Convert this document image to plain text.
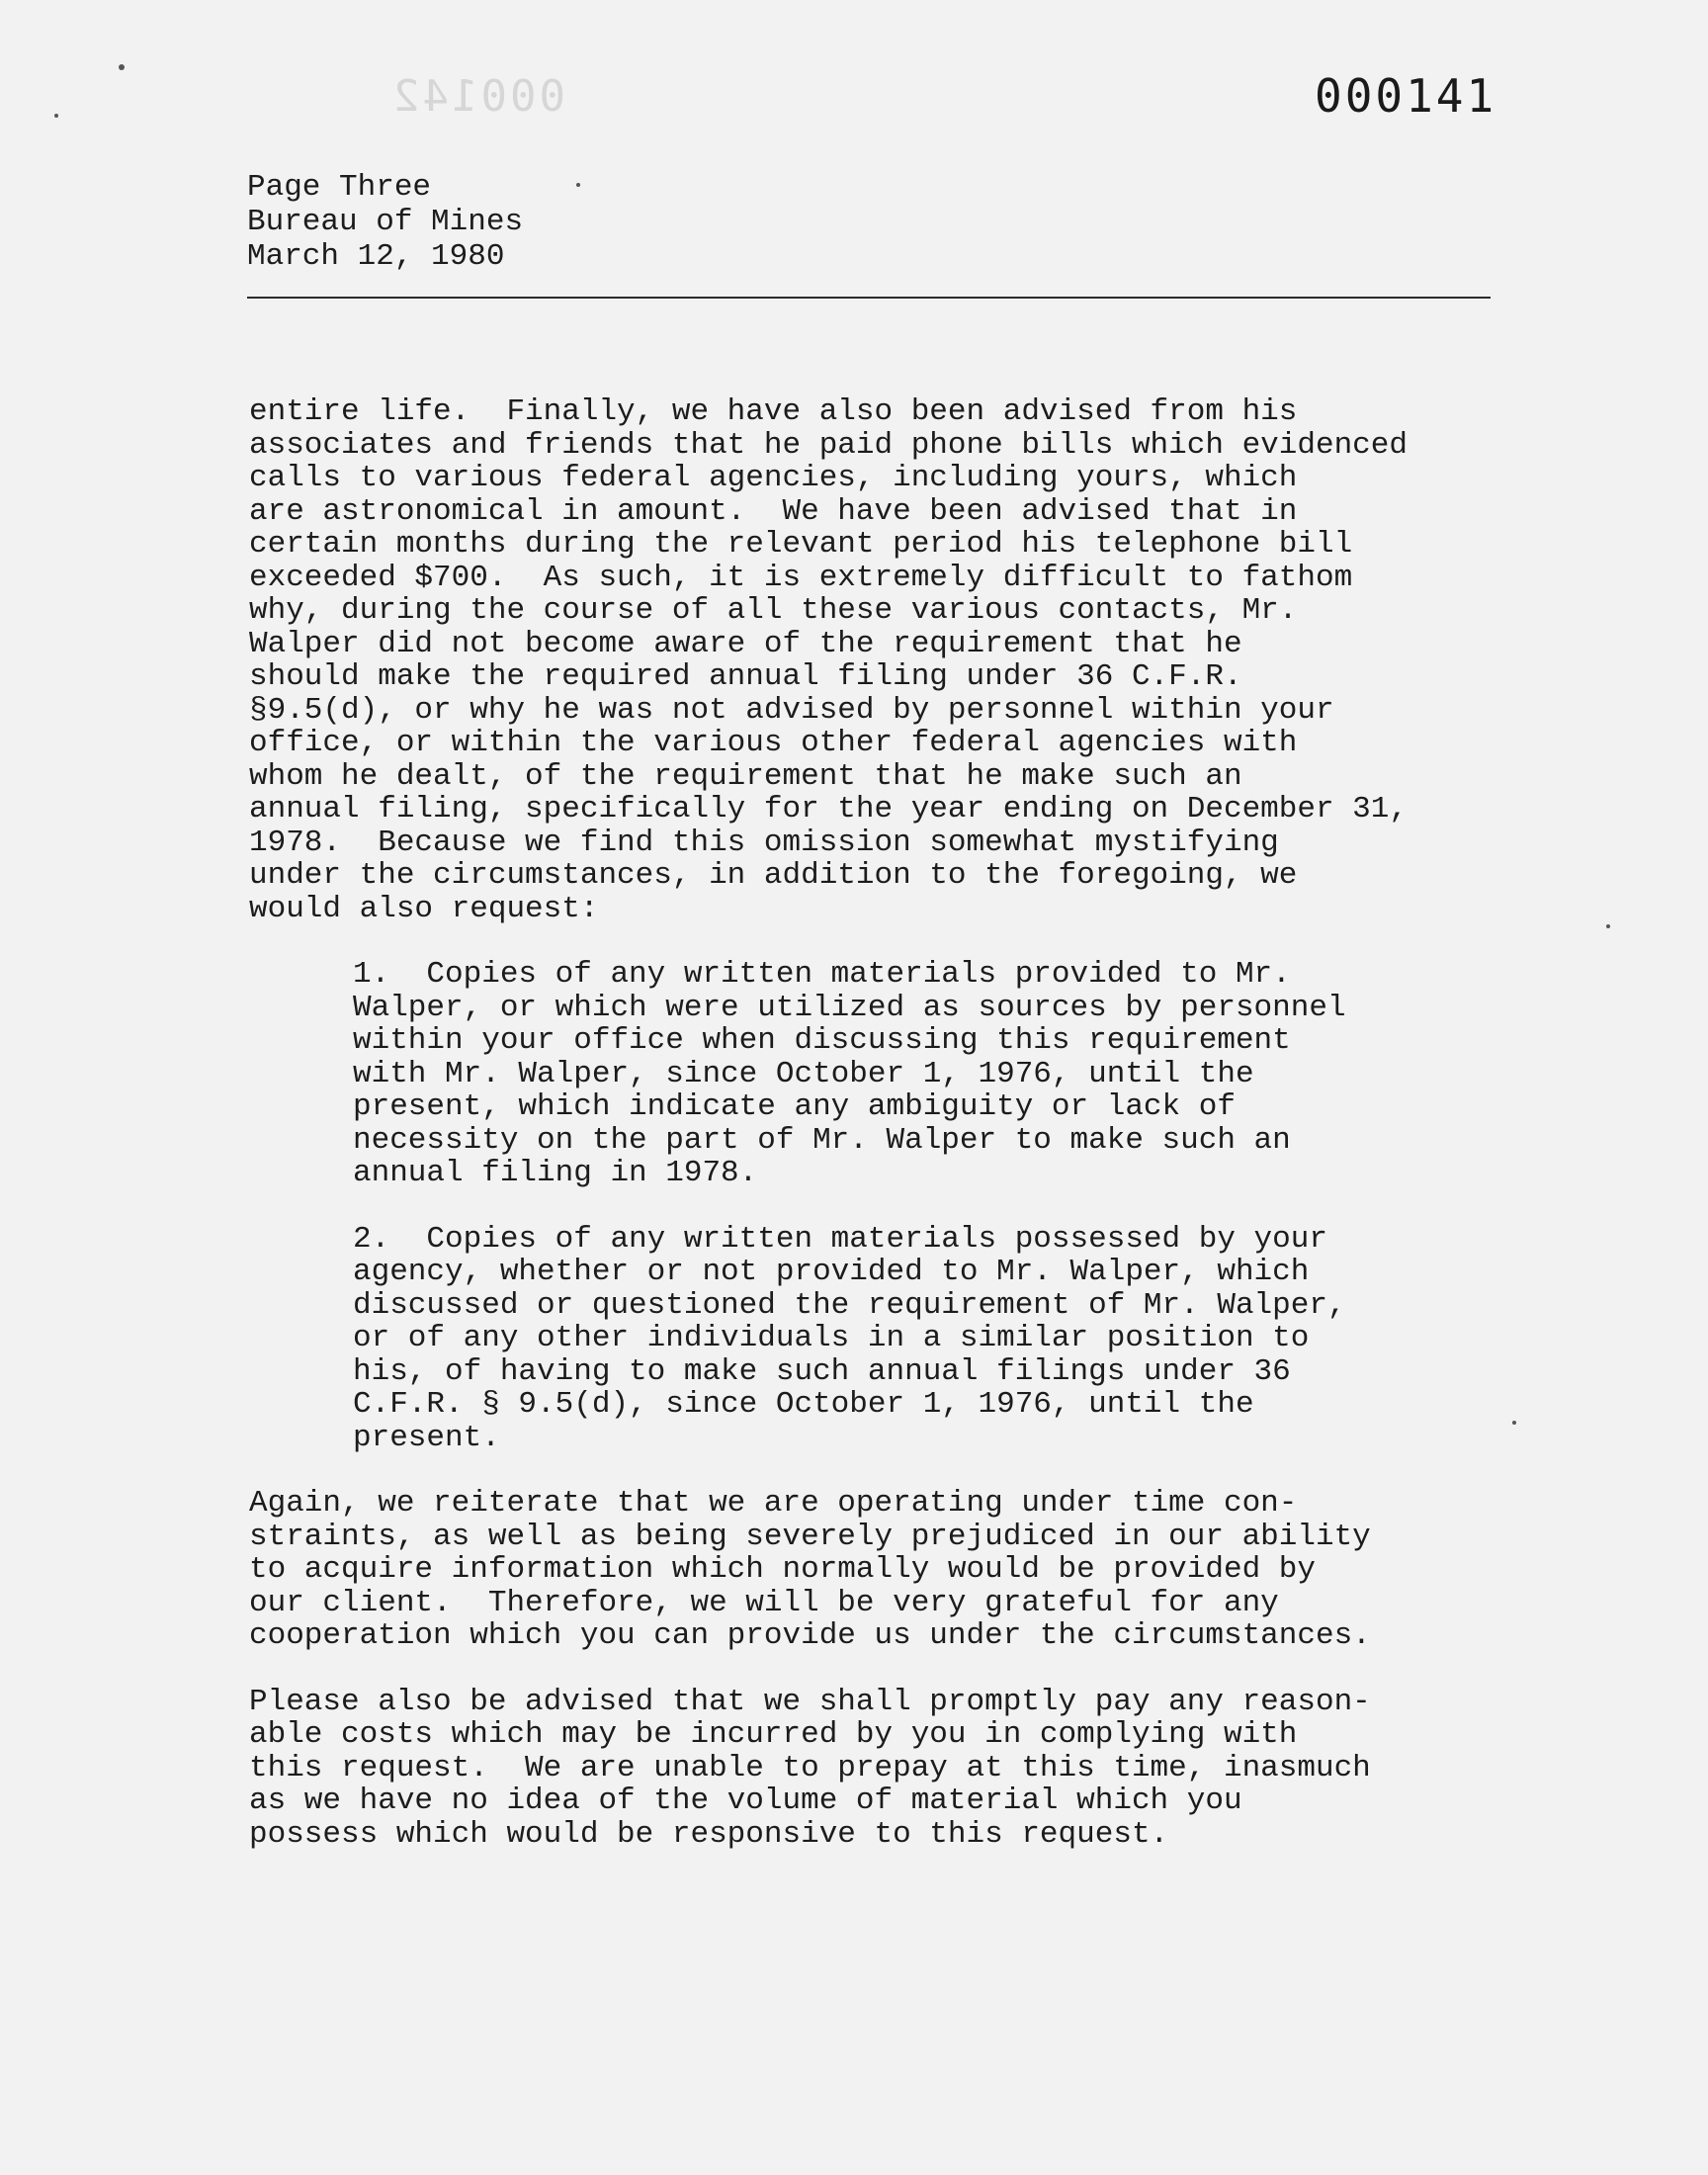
000142	000141
Page Three
Bureau of Mines
March 12, 1980
entire life.  Finally, we have also been advised from his
associates and friends that he paid phone bills which evidenced
calls to various federal agencies, including yours, which
are astronomical in amount.  We have been advised that in
certain months during the relevant period his telephone bill
exceeded $700.  As such, it is extremely difficult to fathom
why, during the course of all these various contacts, Mr.
Walper did not become aware of the requirement that he
should make the required annual filing under 36 C.F.R.
§9.5(d), or why he was not advised by personnel within your
office, or within the various other federal agencies with
whom he dealt, of the requirement that he make such an
annual filing, specifically for the year ending on December 31,
1978.  Because we find this omission somewhat mystifying
under the circumstances, in addition to the foregoing, we
would also request:
1.  Copies of any written materials provided to Mr.
Walper, or which were utilized as sources by personnel
within your office when discussing this requirement
with Mr. Walper, since October 1, 1976, until the
present, which indicate any ambiguity or lack of
necessity on the part of Mr. Walper to make such an
annual filing in 1978.
2.  Copies of any written materials possessed by your
agency, whether or not provided to Mr. Walper, which
discussed or questioned the requirement of Mr. Walper,
or of any other individuals in a similar position to
his, of having to make such annual filings under 36
C.F.R. § 9.5(d), since October 1, 1976, until the
present.
Again, we reiterate that we are operating under time con-
straints, as well as being severely prejudiced in our ability
to acquire information which normally would be provided by
our client.  Therefore, we will be very grateful for any
cooperation which you can provide us under the circumstances.
Please also be advised that we shall promptly pay any reason-
able costs which may be incurred by you in complying with
this request.  We are unable to prepay at this time, inasmuch
as we have no idea of the volume of material which you
possess which would be responsive to this request.
